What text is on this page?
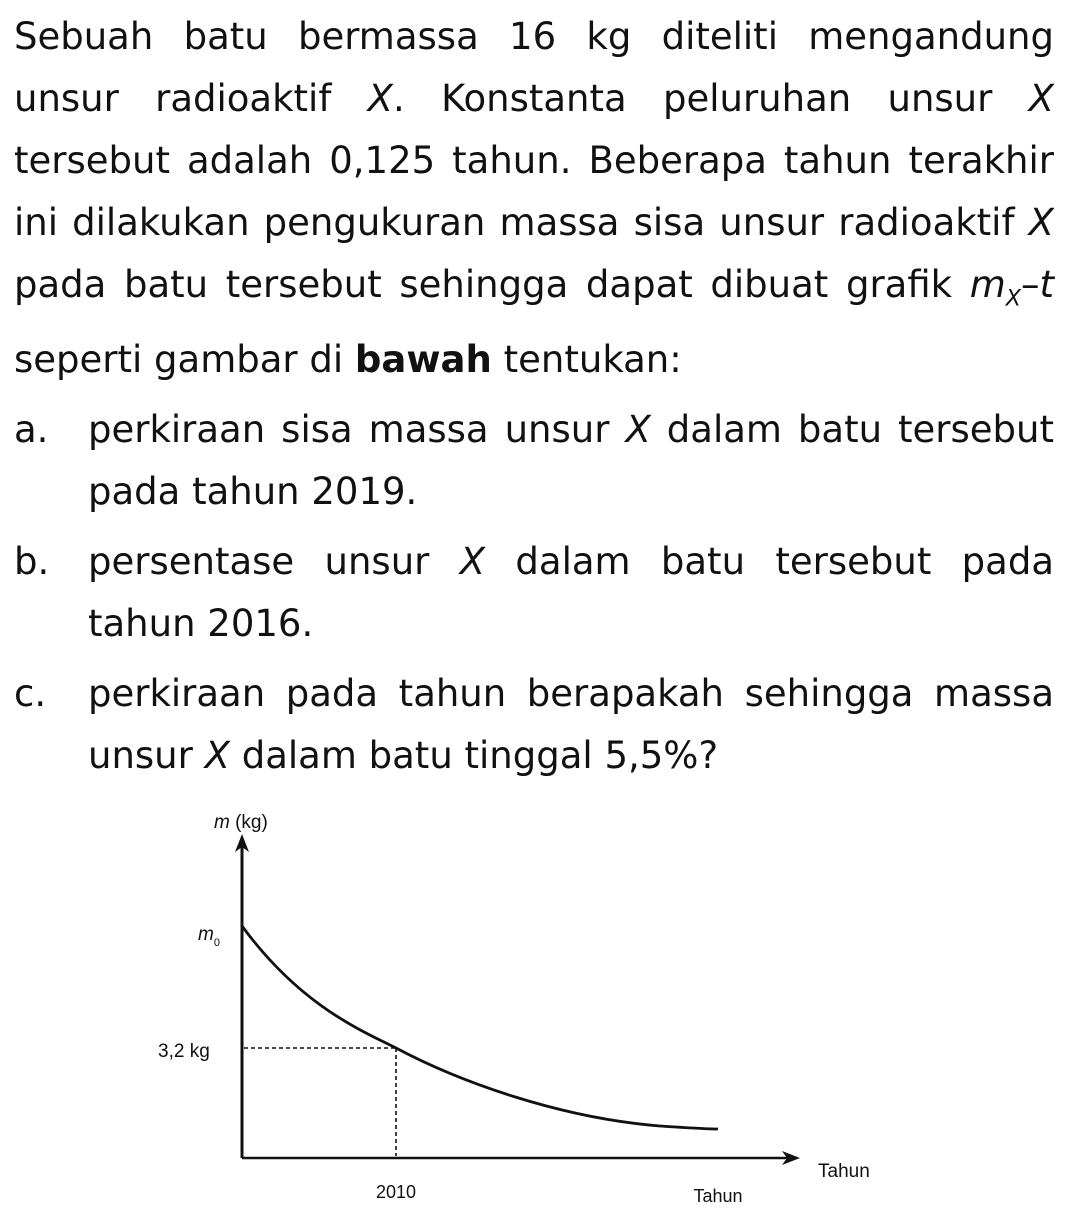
Sebuah batu bermassa 16 kg diteliti mengandung unsur radioaktif X. Konstanta peluruhan unsur X tersebut adalah 0,125 tahun. Beberapa tahun terakhir ini dilakukan pengukuran massa sisa unsur radioaktif X pada batu tersebut sehingga dapat dibuat grafik $m_X-t$ seperti gambar di bawah tentukan:

a.	perkiraan sisa massa unsur X dalam batu tersebut pada tahun 2019.
b.	persentase unsur X dalam batu tersebut pada tahun 2016.
c.	perkiraan pada tahun berapakah sehingga massa unsur X dalam batu tinggal 5,5%?
m (kg)
$m_0$
3,2 kg
2010	Tahun
Tahun
